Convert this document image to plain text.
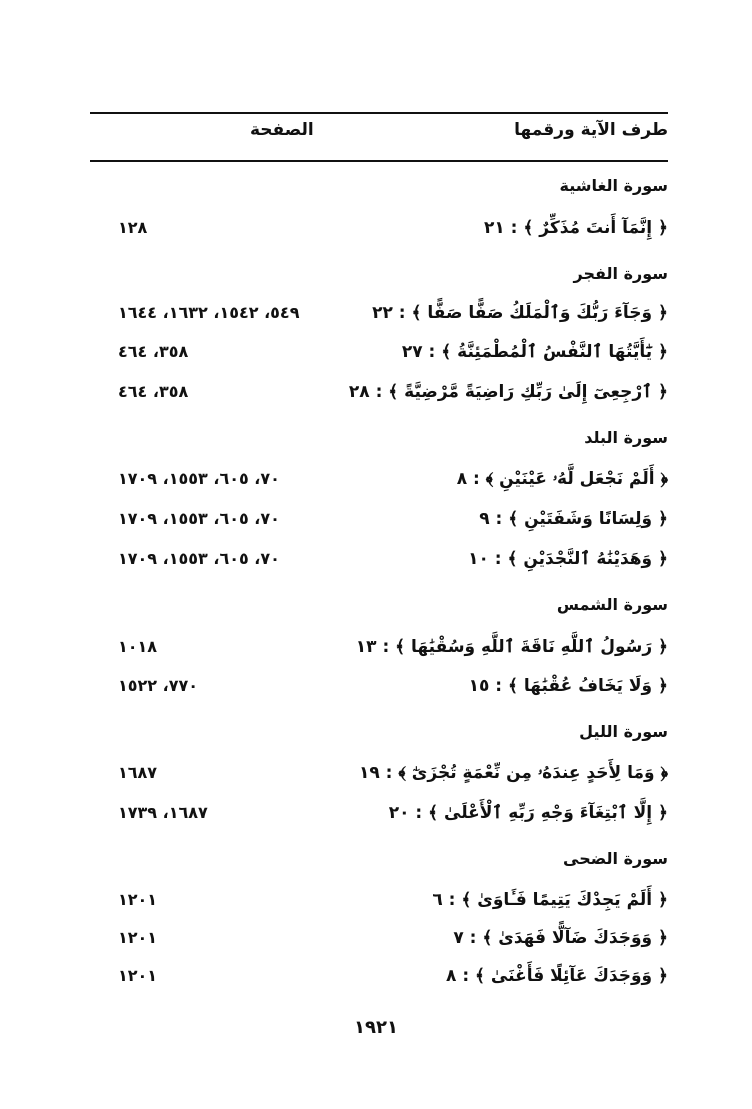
طرف الآية ورقمها
الصفحة
سورة الغاشية
﴿ إِنَّمَآ أَنتَ مُذَكِّرٌ ﴾ : ٢١
١٢٨
سورة الفجر
﴿ وَجَآءَ رَبُّكَ وَٱلْمَلَكُ صَفًّا صَفًّا ﴾ : ٢٢
٥٤٩، ١٥٤٢، ١٦٣٢، ١٦٤٤
﴿ يَٰٓأَيَّتُهَا ٱلنَّفْسُ ٱلْمُطْمَئِنَّةُ ﴾ : ٢٧
٣٥٨، ٤٦٤
﴿ ٱرْجِعِىٓ إِلَىٰ رَبِّكِ رَاضِيَةً مَّرْضِيَّةً ﴾ : ٢٨
٣٥٨، ٤٦٤
سورة البلد
﴿ أَلَمْ نَجْعَل لَّهُۥ عَيْنَيْنِ ﴾ : ٨
٧٠، ٦٠٥، ١٥٥٣، ١٧٠٩
﴿ وَلِسَانًا وَشَفَتَيْنِ ﴾ : ٩
٧٠، ٦٠٥، ١٥٥٣، ١٧٠٩
﴿ وَهَدَيْنَٰهُ ٱلنَّجْدَيْنِ ﴾ : ١٠
٧٠، ٦٠٥، ١٥٥٣، ١٧٠٩
سورة الشمس
﴿ رَسُولُ ٱللَّهِ نَاقَةَ ٱللَّهِ وَسُقْيَٰهَا ﴾ : ١٣
١٠١٨
﴿ وَلَا يَخَافُ عُقْبَٰهَا ﴾ : ١٥
٧٧٠، ١٥٢٢
سورة الليل
﴿ وَمَا لِأَحَدٍ عِندَهُۥ مِن نِّعْمَةٍ تُجْزَىٰٓ ﴾ : ١٩
١٦٨٧
﴿ إِلَّا ٱبْتِغَآءَ وَجْهِ رَبِّهِ ٱلْأَعْلَىٰ ﴾ : ٢٠
١٦٨٧، ١٧٣٩
سورة الضحى
﴿ أَلَمْ يَجِدْكَ يَتِيمًا فَـَٔاوَىٰ ﴾ : ٦
١٢٠١
﴿ وَوَجَدَكَ ضَآلًّا فَهَدَىٰ ﴾ : ٧
١٢٠١
﴿ وَوَجَدَكَ عَآئِلًا فَأَغْنَىٰ ﴾ : ٨
١٢٠١
١٩٢١
